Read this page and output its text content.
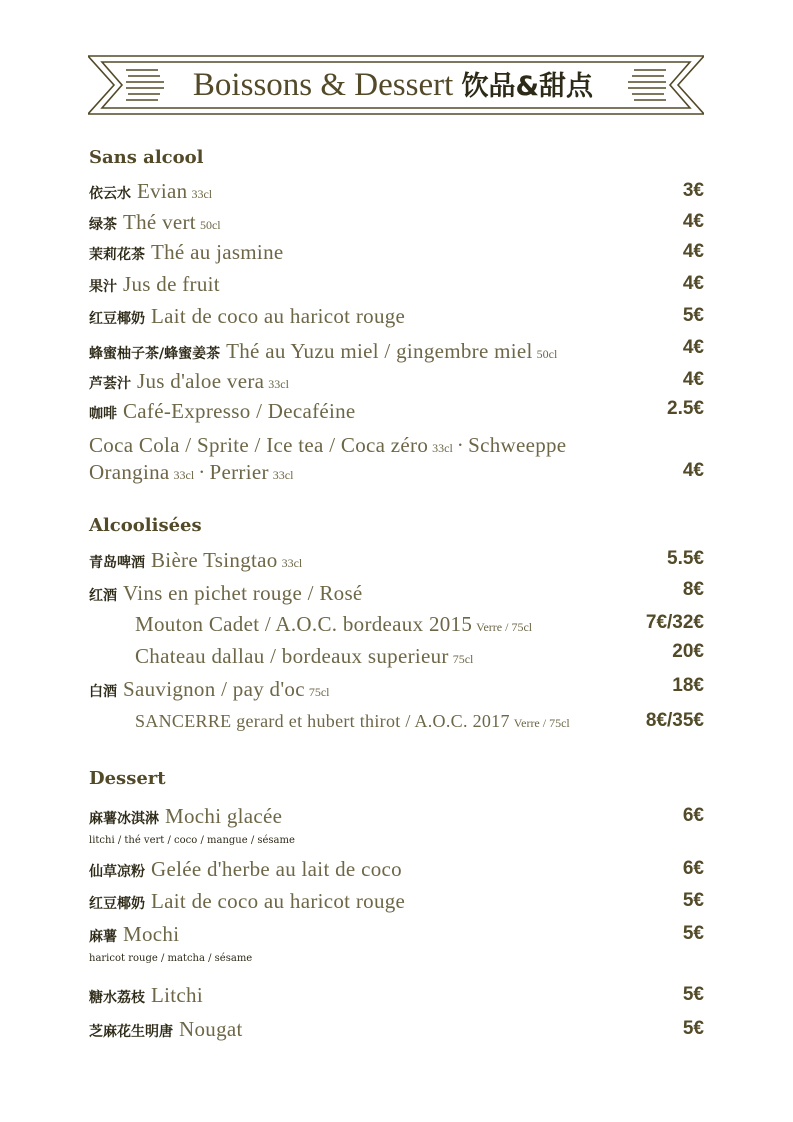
Boissons & Dessert 饮品&甜点
Sans alcool
依云水 Evian 33cl	3€
绿茶 Thé vert 50cl	4€
茉莉花茶 Thé au jasmine	4€
果汁 Jus de fruit	4€
红豆椰奶 Lait de coco au haricot rouge	5€
蜂蜜柚子茶/蜂蜜姜茶 Thé au Yuzu miel / gingembre miel 50cl	4€
芦荟汁 Jus d'aloe vera 33cl	4€
咖啡 Café-Expresso / Decaféine	2.5€
Coca Cola / Sprite / Ice tea / Coca zéro 33cl · Schweeppe
Orangina 33cl · Perrier 33cl	4€
Alcoolisées
青岛啤酒 Bière Tsingtao 33cl	5.5€
红酒 Vins en pichet rouge / Rosé	8€
Mouton Cadet / A.O.C. bordeaux 2015 Verre / 75cl	7€/32€
Chateau dallau / bordeaux superieur 75cl	20€
白酒 Sauvignon / pay d'oc 75cl	18€
SANCERRE gerard et hubert thirot / A.O.C. 2017 Verre / 75cl	8€/35€
Dessert
麻薯冰淇淋 Mochi glacée	6€
litchi / thé vert / coco / mangue / sésame
仙草凉粉 Gelée d'herbe au lait de coco	6€
红豆椰奶 Lait de coco au haricot rouge	5€
麻薯 Mochi	5€
haricot rouge / matcha / sésame
糖水荔枝 Litchi	5€
芝麻花生明唐 Nougat	5€
